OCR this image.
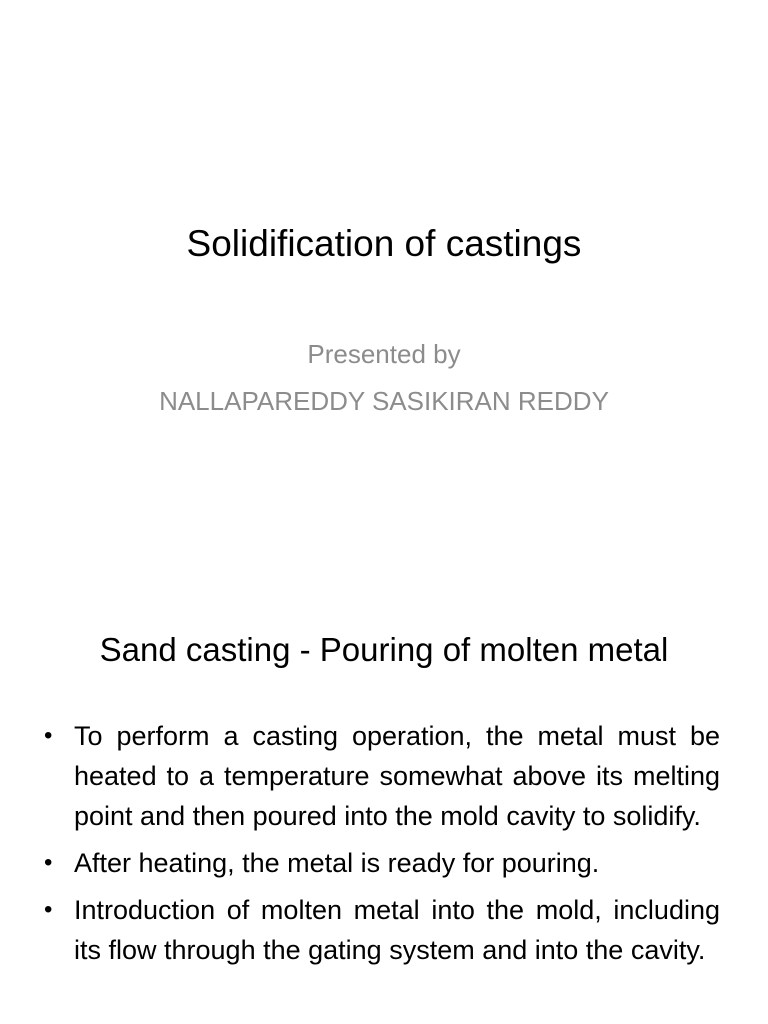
Solidification of castings
Presented by
NALLAPAREDDY SASIKIRAN REDDY
Sand casting - Pouring of molten metal
• To perform a casting operation, the metal must be heated to a temperature somewhat above its melting point and then poured into the mold cavity to solidify.
• After heating, the metal is ready for pouring.
• Introduction of molten metal into the mold, including its flow through the gating system and into the cavity.
